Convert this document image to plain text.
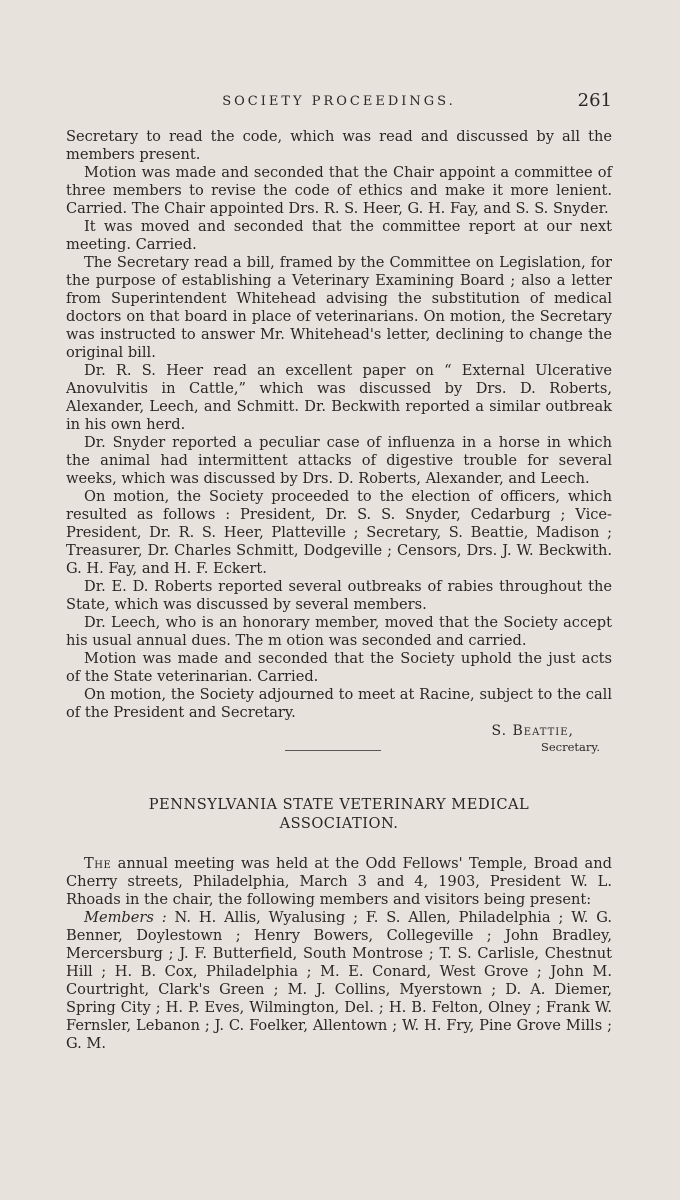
SOCIETY PROCEEDINGS.	261

Secretary to read the code, which was read and discussed by all the members present.

Motion was made and seconded that the Chair appoint a committee of three members to revise the code of ethics and make it more lenient. Carried. The Chair appointed Drs. R. S. Heer, G. H. Fay, and S. S. Snyder.

It was moved and seconded that the committee report at our next meeting. Carried.

The Secretary read a bill, framed by the Committee on Legislation, for the purpose of establishing a Veterinary Examining Board ; also a letter from Superintendent Whitehead advising the substitution of medical doctors on that board in place of veterinarians. On motion, the Secretary was instructed to answer Mr. Whitehead's letter, declining to change the original bill.

Dr. R. S. Heer read an excellent paper on “ External Ulcerative Anovulvitis in Cattle,” which was discussed by Drs. D. Roberts, Alexander, Leech, and Schmitt. Dr. Beckwith reported a similar outbreak in his own herd.

Dr. Snyder reported a peculiar case of influenza in a horse in which the animal had intermittent attacks of digestive trouble for several weeks, which was discussed by Drs. D. Roberts, Alexander, and Leech.

On motion, the Society proceeded to the election of officers, which resulted as follows : President, Dr. S. S. Snyder, Cedarburg ; Vice-President, Dr. R. S. Heer, Platteville ; Secretary, S. Beattie, Madison ; Treasurer, Dr. Charles Schmitt, Dodgeville ; Censors, Drs. J. W. Beckwith. G. H. Fay, and H. F. Eckert.

Dr. E. D. Roberts reported several outbreaks of rabies throughout the State, which was discussed by several members.

Dr. Leech, who is an honorary member, moved that the Society accept his usual annual dues. The m otion was seconded and carried.

Motion was made and seconded that the Society uphold the just acts of the State veterinarian. Carried.

On motion, the Society adjourned to meet at Racine, subject to the call of the President and Secretary.

S. Beattie,
Secretary.
PENNSYLVANIA STATE VETERINARY MEDICAL
ASSOCIATION.

The annual meeting was held at the Odd Fellows' Temple, Broad and Cherry streets, Philadelphia, March 3 and 4, 1903, President W. L. Rhoads in the chair, the following members and visitors being present:

Members : N. H. Allis, Wyalusing ; F. S. Allen, Philadelphia ; W. G. Benner, Doylestown ; Henry Bowers, Collegeville ; John Bradley, Mercersburg ; J. F. Butterfield, South Montrose ; T. S. Carlisle, Chestnut Hill ; H. B. Cox, Philadelphia ; M. E. Conard, West Grove ; John M. Courtright, Clark's Green ; M. J. Collins, Myerstown ; D. A. Diemer, Spring City ; H. P. Eves, Wilmington, Del. ; H. B. Felton, Olney ; Frank W. Fernsler, Lebanon ; J. C. Foelker, Allentown ; W. H. Fry, Pine Grove Mills ; G. M.
